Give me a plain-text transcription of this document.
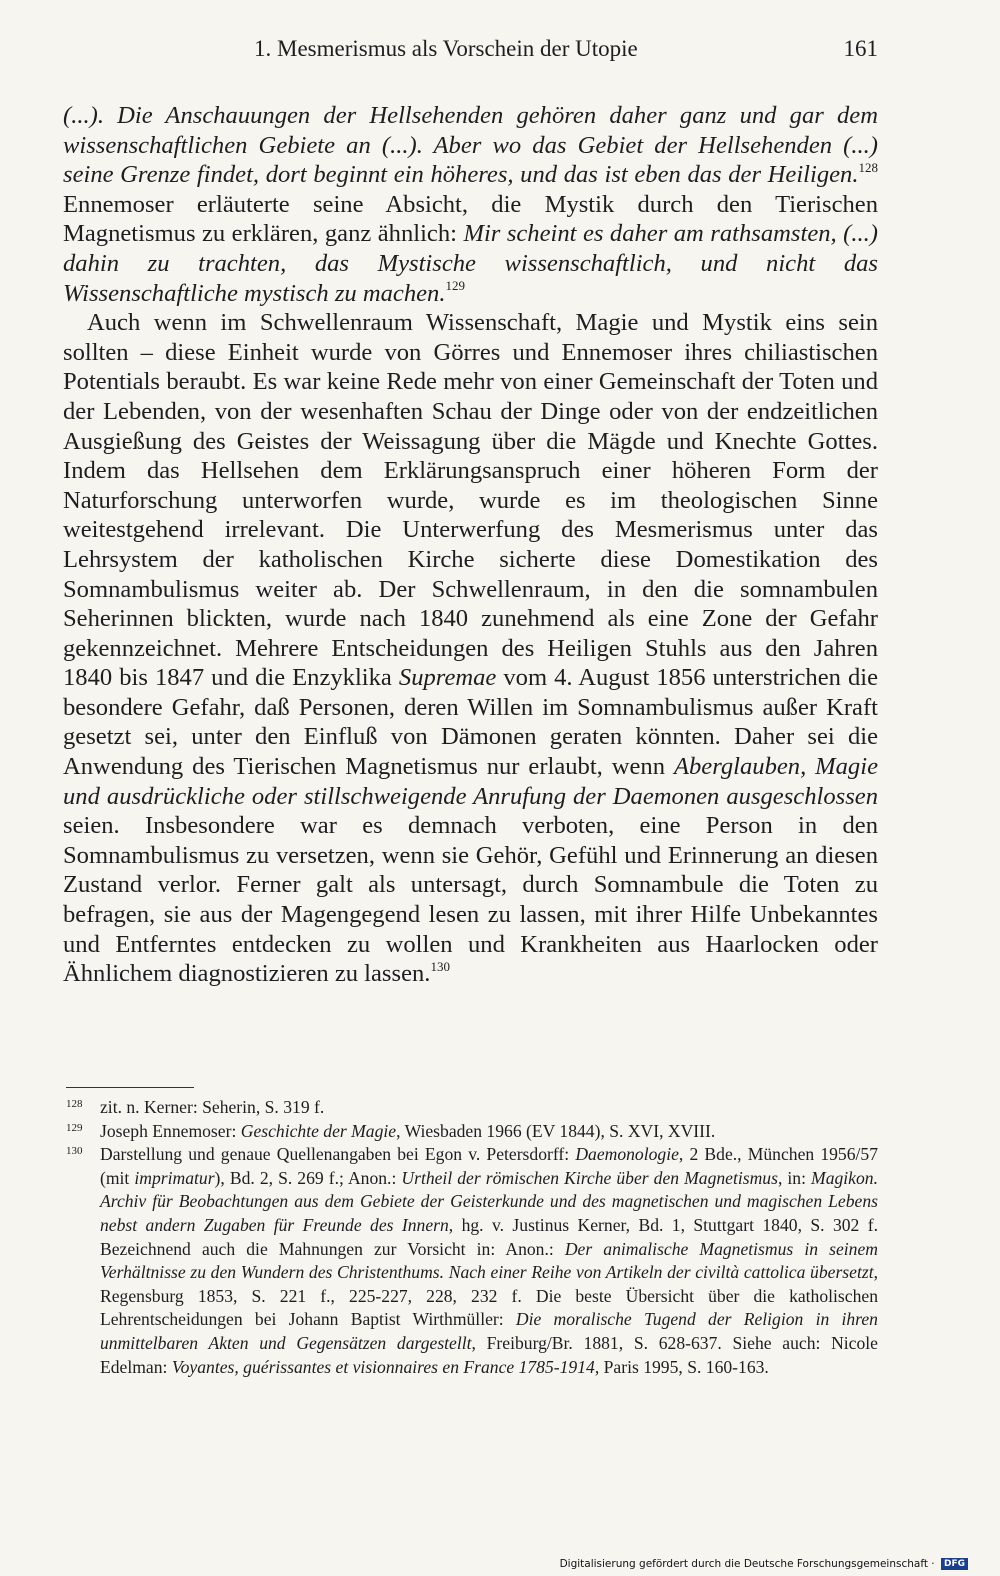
1. Mesmerismus als Vorschein der Utopie	161

(...). Die Anschauungen der Hellsehenden gehören daher ganz und gar dem wissenschaftlichen Gebiete an (...). Aber wo das Gebiet der Hellsehenden (...) seine Grenze findet, dort beginnt ein höheres, und das ist eben das der Heiligen.$^{128}$ Ennemoser erläuterte seine Absicht, die Mystik durch den Tierischen Magnetismus zu erklären, ganz ähnlich: Mir scheint es daher am rathsamsten, (...) dahin zu trachten, das Mystische wissenschaftlich, und nicht das Wissenschaftliche mystisch zu machen.$^{129}$

Auch wenn im Schwellenraum Wissenschaft, Magie und Mystik eins sein sollten – diese Einheit wurde von Görres und Ennemoser ihres chiliastischen Potentials beraubt. Es war keine Rede mehr von einer Gemeinschaft der Toten und der Lebenden, von der wesenhaften Schau der Dinge oder von der endzeitlichen Ausgießung des Geistes der Weissagung über die Mägde und Knechte Gottes. Indem das Hellsehen dem Erklärungsanspruch einer höheren Form der Naturforschung unterworfen wurde, wurde es im theologischen Sinne weitestgehend irrelevant. Die Unterwerfung des Mesmerismus unter das Lehrsystem der katholischen Kirche sicherte diese Domestikation des Somnambulismus weiter ab. Der Schwellenraum, in den die somnambulen Seherinnen blickten, wurde nach 1840 zunehmend als eine Zone der Gefahr gekennzeichnet. Mehrere Entscheidungen des Heiligen Stuhls aus den Jahren 1840 bis 1847 und die Enzyklika Supremae vom 4. August 1856 unterstrichen die besondere Gefahr, daß Personen, deren Willen im Somnambulismus außer Kraft gesetzt sei, unter den Einfluß von Dämonen geraten könnten. Daher sei die Anwendung des Tierischen Magnetismus nur erlaubt, wenn Aberglauben, Magie und ausdrückliche oder stillschweigende Anrufung der Daemonen ausgeschlossen seien. Insbesondere war es demnach verboten, eine Person in den Somnambulismus zu versetzen, wenn sie Gehör, Gefühl und Erinnerung an diesen Zustand verlor. Ferner galt als untersagt, durch Somnambule die Toten zu befragen, sie aus der Magengegend lesen zu lassen, mit ihrer Hilfe Unbekanntes und Entferntes entdecken zu wollen und Krankheiten aus Haarlocken oder Ähnlichem diagnostizieren zu lassen.$^{130}$

128 zit. n. Kerner: Seherin, S. 319 f.
129 Joseph Ennemoser: Geschichte der Magie, Wiesbaden 1966 (EV 1844), S. XVI, XVIII.
130 Darstellung und genaue Quellenangaben bei Egon v. Petersdorff: Daemonologie, 2 Bde., München 1956/57 (mit imprimatur), Bd. 2, S. 269 f.; Anon.: Urtheil der römischen Kirche über den Magnetismus, in: Magikon. Archiv für Beobachtungen aus dem Gebiete der Geisterkunde und des magnetischen und magischen Lebens nebst andern Zugaben für Freunde des Innern, hg. v. Justinus Kerner, Bd. 1, Stuttgart 1840, S. 302 f. Bezeichnend auch die Mahnungen zur Vorsicht in: Anon.: Der animalische Magnetismus in seinem Verhältnisse zu den Wundern des Christenthums. Nach einer Reihe von Artikeln der civiltà cattolica übersetzt, Regensburg 1853, S. 221 f., 225-227, 228, 232 f. Die beste Übersicht über die katholischen Lehrentscheidungen bei Johann Baptist Wirthmüller: Die moralische Tugend der Religion in ihren unmittelbaren Akten und Gegensätzen dargestellt, Freiburg/Br. 1881, S. 628-637. Siehe auch: Nicole Edelman: Voyantes, guérissantes et visionnaires en France 1785-1914, Paris 1995, S. 160-163.
Digitalisierung gefördert durch die Deutsche Forschungsgemeinschaft · DFG
